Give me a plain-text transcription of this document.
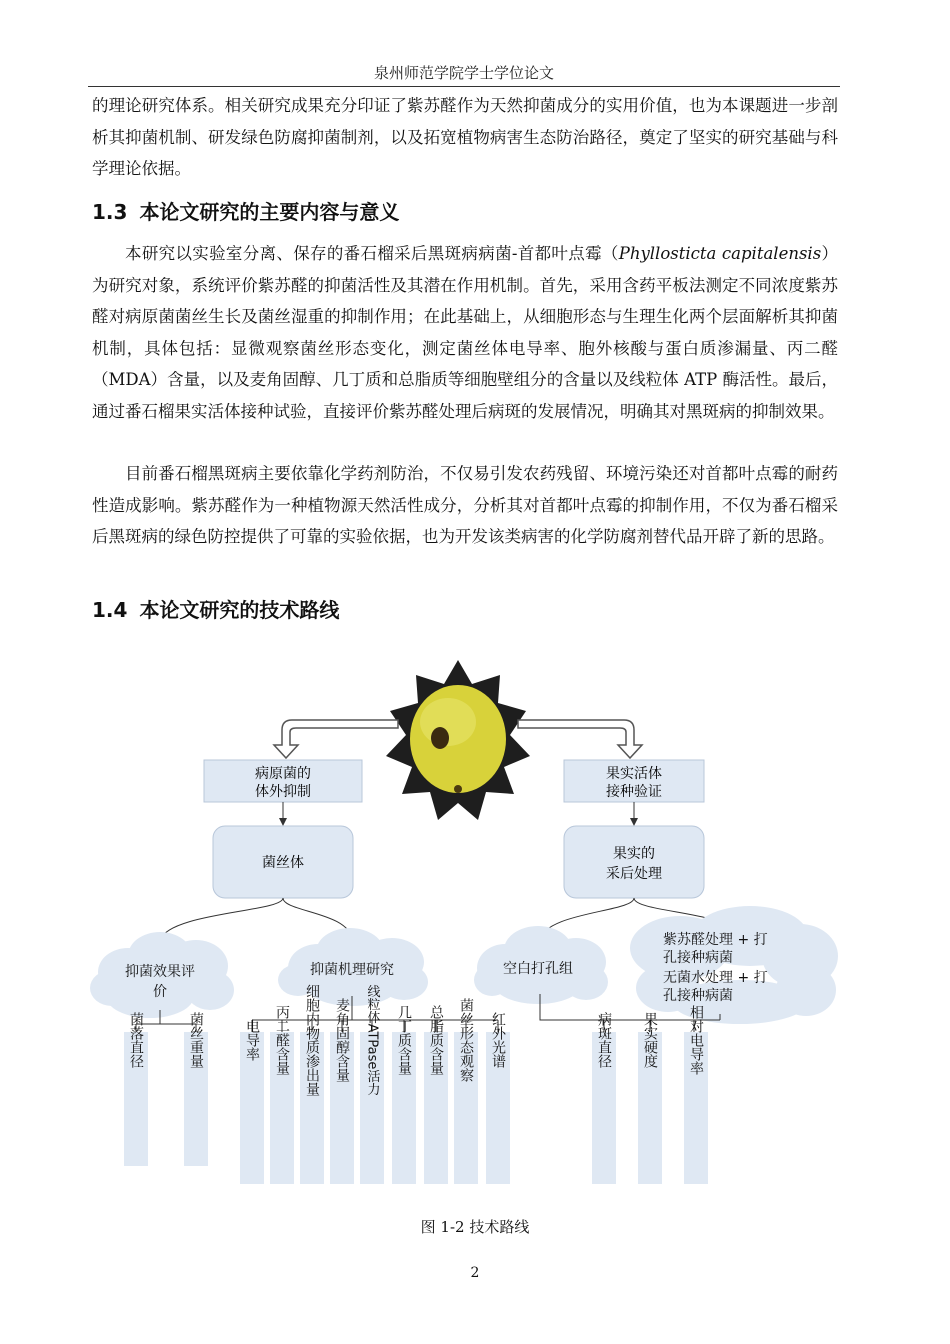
泉州师范学院学士学位论文

的理论研究体系。相关研究成果充分印证了紫苏醛作为天然抑菌成分的实用价值，也为本课题进一步剖析其抑菌机制、研发绿色防腐抑菌制剂，以及拓宽植物病害生态防治路径，奠定了坚实的研究基础与科学理论依据。

1.3 本论文研究的主要内容与意义

本研究以实验室分离、保存的番石榴采后黑斑病病菌-首都叶点霉（Phyllosticta capitalensis）为研究对象，系统评价紫苏醛的抑菌活性及其潜在作用机制。首先，采用含药平板法测定不同浓度紫苏醛对病原菌菌丝生长及菌丝湿重的抑制作用；在此基础上，从细胞形态与生理生化两个层面解析其抑菌机制，具体包括：显微观察菌丝形态变化，测定菌丝体电导率、胞外核酸与蛋白质渗漏量、丙二醛（MDA）含量，以及麦角固醇、几丁质和总脂质等细胞壁组分的含量以及线粒体 ATP 酶活性。最后，通过番石榴果实活体接种试验，直接评价紫苏醛处理后病斑的发展情况，明确其对黑斑病的抑制效果。

目前番石榴黑斑病主要依靠化学药剂防治，不仅易引发农药残留、环境污染还对首都叶点霉的耐药性造成影响。紫苏醛作为一种植物源天然活性成分，分析其对首都叶点霉的抑制作用，不仅为番石榴采后黑斑病的绿色防控提供了可靠的实验依据，也为开发该类病害的化学防腐剂替代品开辟了新的思路。

1.4 本论文研究的技术路线
病原菌的
体外抑制
果实活体
接种验证
菌丝体
果实的
采后处理
抑菌效果评
价
抑菌机理研究	空白打孔组
紫苏醛处理 + 打
孔接种病菌
无菌水处理 + 打
孔接种病菌
菌落直径	菌丝重量	电导率 丙二醛含量 细胞内物质渗出量 麦角固醇含量 线粒体ATPase活力 几丁质含量 总脂质含量 菌丝形态观察 红外光谱	病斑直径 果实硬度 相对电导率
图 1-2 技术路线
2
